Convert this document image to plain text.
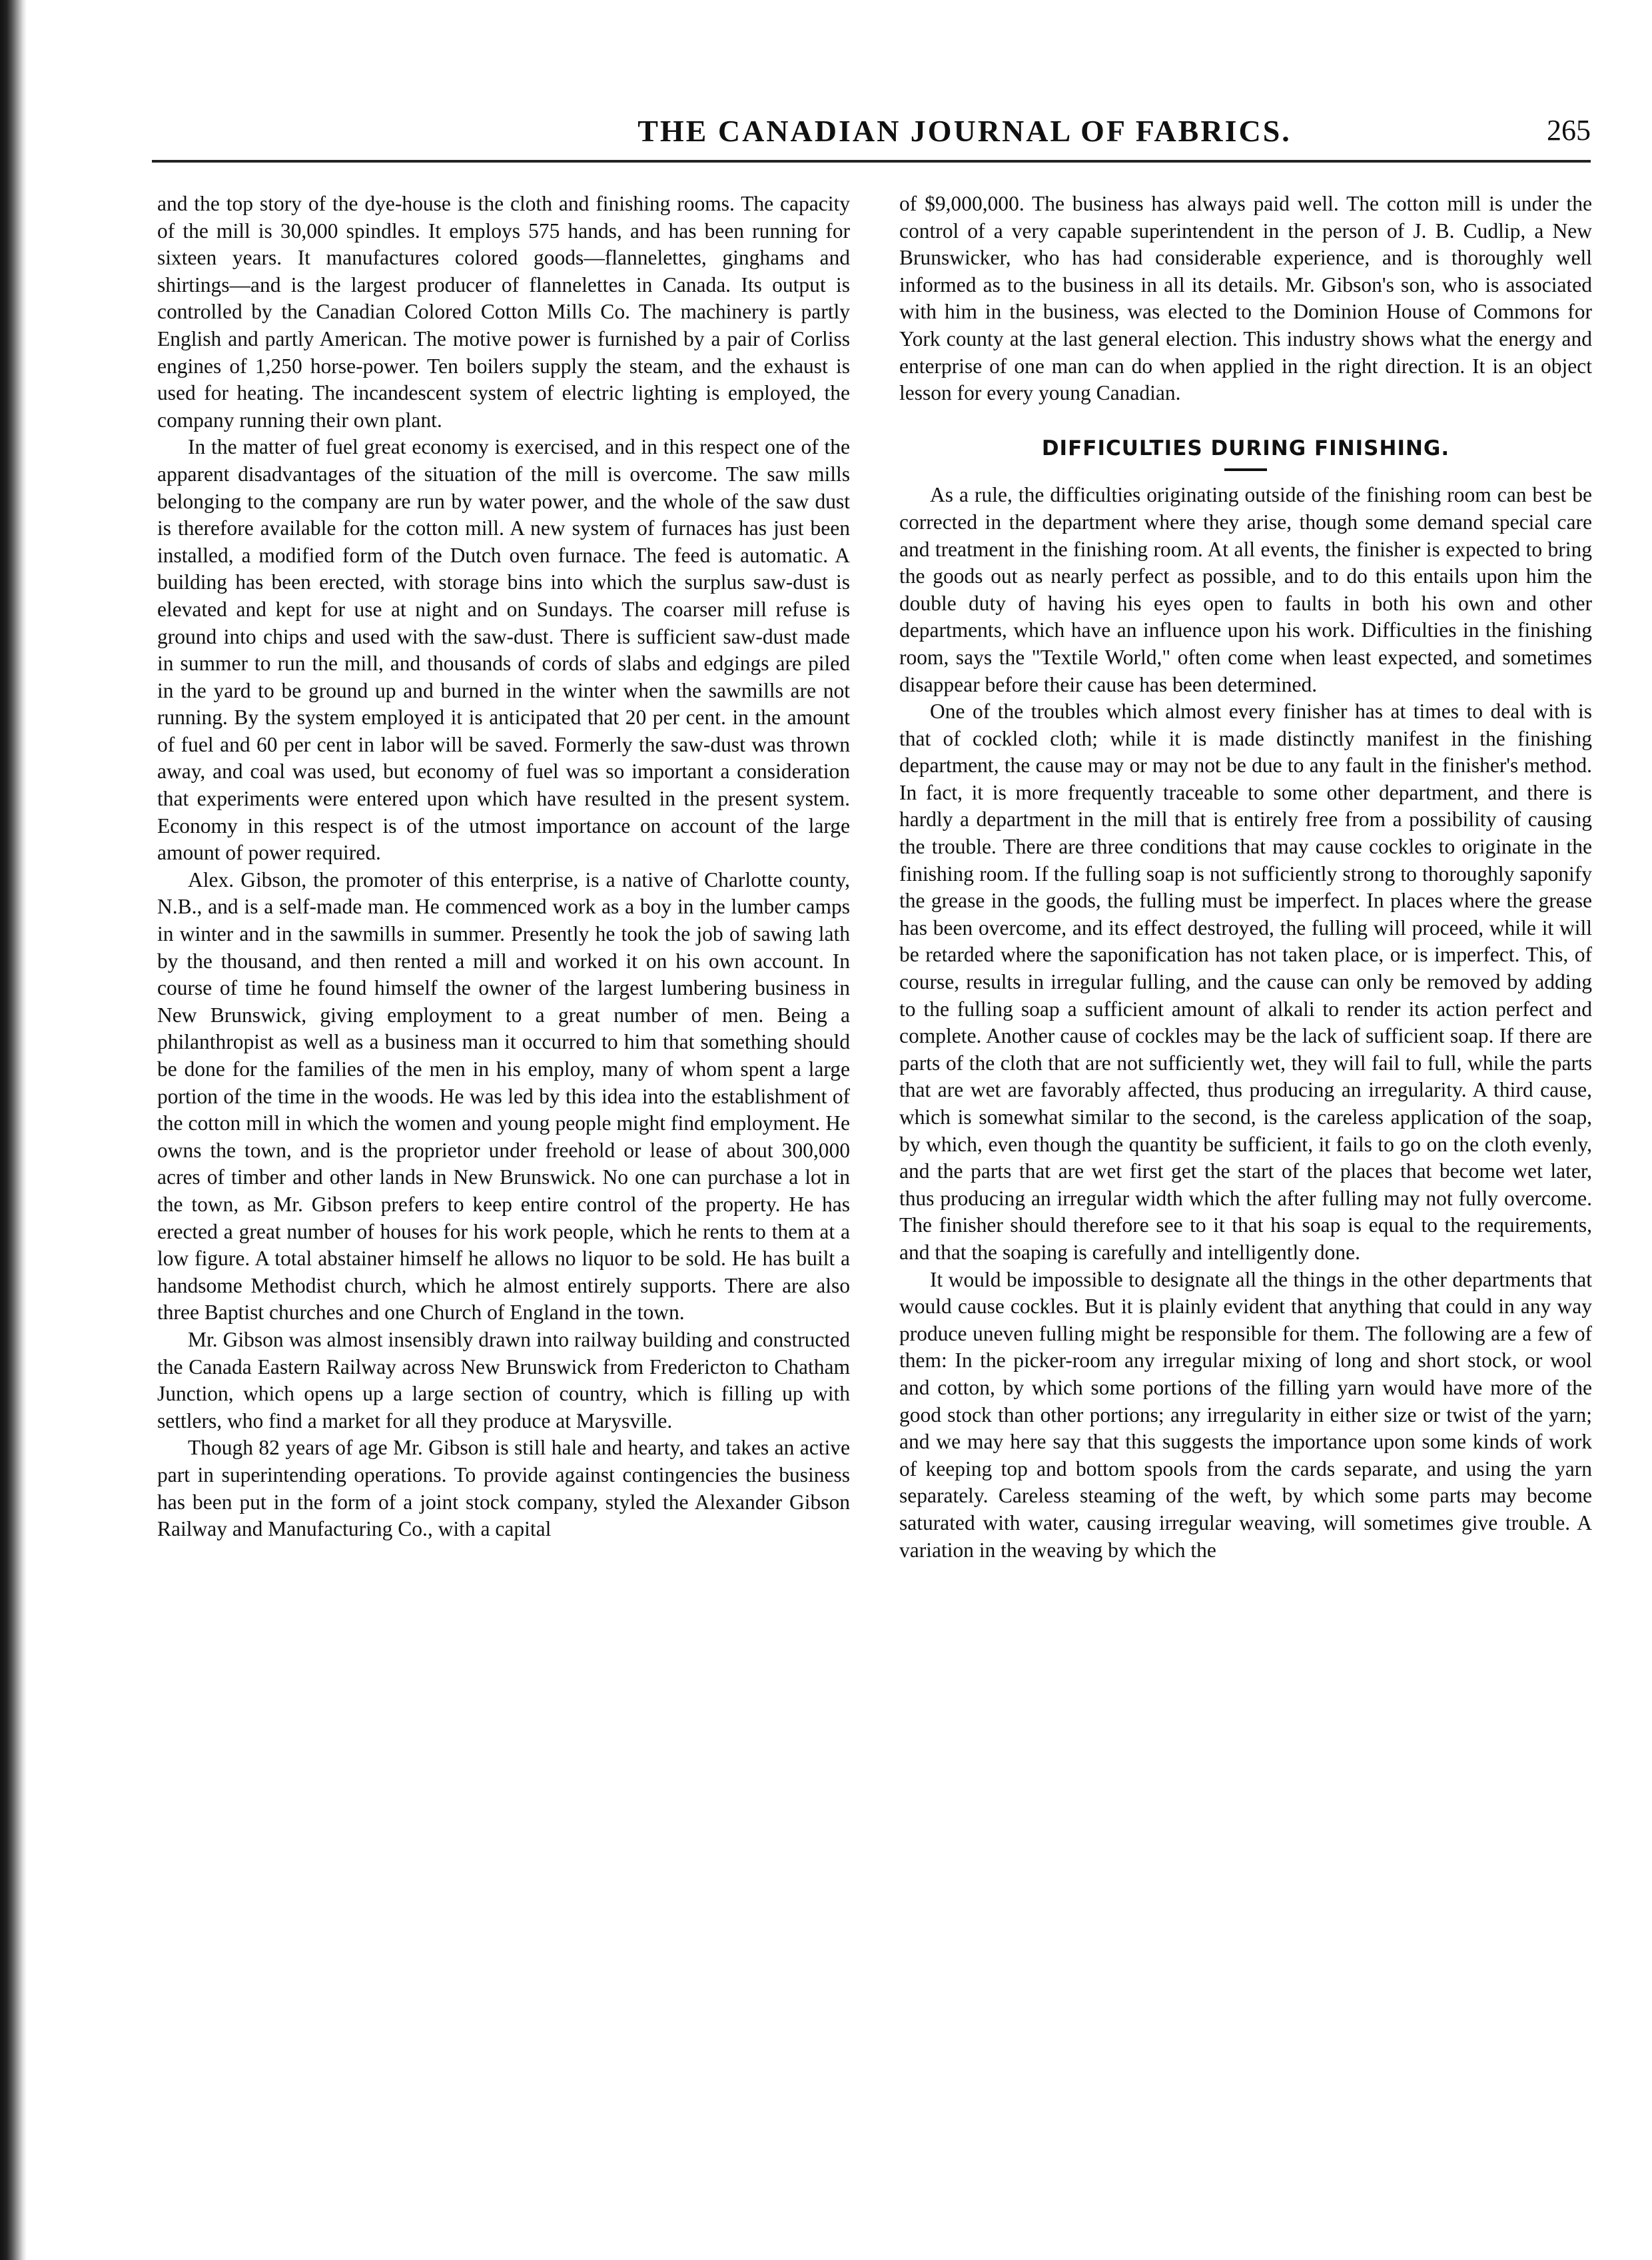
THE CANADIAN JOURNAL OF FABRICS.	265

and the top story of the dye-house is the cloth and finishing rooms. The capacity of the mill is 30,000 spindles. It employs 575 hands, and has been running for sixteen years. It manufactures colored goods—flannelettes, ginghams and shirtings—and is the largest producer of flannelettes in Canada. Its output is controlled by the Canadian Colored Cotton Mills Co. The machinery is partly English and partly American. The motive power is furnished by a pair of Corliss engines of 1,250 horse-power. Ten boilers supply the steam, and the exhaust is used for heating. The incandescent system of electric lighting is employed, the company running their own plant.

In the matter of fuel great economy is exercised, and in this respect one of the apparent disadvantages of the situation of the mill is overcome. The saw mills belonging to the company are run by water power, and the whole of the saw dust is therefore available for the cotton mill. A new system of furnaces has just been installed, a modified form of the Dutch oven furnace. The feed is automatic. A building has been erected, with storage bins into which the surplus saw-dust is elevated and kept for use at night and on Sundays. The coarser mill refuse is ground into chips and used with the saw-dust. There is sufficient saw-dust made in summer to run the mill, and thousands of cords of slabs and edgings are piled in the yard to be ground up and burned in the winter when the sawmills are not running. By the system employed it is anticipated that 20 per cent. in the amount of fuel and 60 per cent in labor will be saved. Formerly the saw-dust was thrown away, and coal was used, but economy of fuel was so important a consideration that experiments were entered upon which have resulted in the present system. Economy in this respect is of the utmost importance on account of the large amount of power required.

Alex. Gibson, the promoter of this enterprise, is a native of Charlotte county, N.B., and is a self-made man. He commenced work as a boy in the lumber camps in winter and in the sawmills in summer. Presently he took the job of sawing lath by the thousand, and then rented a mill and worked it on his own account. In course of time he found himself the owner of the largest lumbering business in New Brunswick, giving employment to a great number of men. Being a philanthropist as well as a business man it occurred to him that something should be done for the families of the men in his employ, many of whom spent a large portion of the time in the woods. He was led by this idea into the establishment of the cotton mill in which the women and young people might find employment. He owns the town, and is the proprietor under freehold or lease of about 300,000 acres of timber and other lands in New Brunswick. No one can purchase a lot in the town, as Mr. Gibson prefers to keep entire control of the property. He has erected a great number of houses for his work people, which he rents to them at a low figure. A total abstainer himself he allows no liquor to be sold. He has built a handsome Methodist church, which he almost entirely supports. There are also three Baptist churches and one Church of England in the town.

Mr. Gibson was almost insensibly drawn into railway building and constructed the Canada Eastern Railway across New Brunswick from Fredericton to Chatham Junction, which opens up a large section of country, which is filling up with settlers, who find a market for all they produce at Marysville.

Though 82 years of age Mr. Gibson is still hale and hearty, and takes an active part in superintending operations. To provide against contingencies the business has been put in the form of a joint stock company, styled the Alexander Gibson Railway and Manufacturing Co., with a capital

of $9,000,000. The business has always paid well. The cotton mill is under the control of a very capable superintendent in the person of J. B. Cudlip, a New Brunswicker, who has had considerable experience, and is thoroughly well informed as to the business in all its details. Mr. Gibson's son, who is associated with him in the business, was elected to the Dominion House of Commons for York county at the last general election. This industry shows what the energy and enterprise of one man can do when applied in the right direction. It is an object lesson for every young Canadian.

DIFFICULTIES DURING FINISHING.

As a rule, the difficulties originating outside of the finishing room can best be corrected in the department where they arise, though some demand special care and treatment in the finishing room. At all events, the finisher is expected to bring the goods out as nearly perfect as possible, and to do this entails upon him the double duty of having his eyes open to faults in both his own and other departments, which have an influence upon his work. Difficulties in the finishing room, says the "Textile World," often come when least expected, and sometimes disappear before their cause has been determined.

One of the troubles which almost every finisher has at times to deal with is that of cockled cloth; while it is made distinctly manifest in the finishing department, the cause may or may not be due to any fault in the finisher's method. In fact, it is more frequently traceable to some other department, and there is hardly a department in the mill that is entirely free from a possibility of causing the trouble. There are three conditions that may cause cockles to originate in the finishing room. If the fulling soap is not sufficiently strong to thoroughly saponify the grease in the goods, the fulling must be imperfect. In places where the grease has been overcome, and its effect destroyed, the fulling will proceed, while it will be retarded where the saponification has not taken place, or is imperfect. This, of course, results in irregular fulling, and the cause can only be removed by adding to the fulling soap a sufficient amount of alkali to render its action perfect and complete. Another cause of cockles may be the lack of sufficient soap. If there are parts of the cloth that are not sufficiently wet, they will fail to full, while the parts that are wet are favorably affected, thus producing an irregularity. A third cause, which is somewhat similar to the second, is the careless application of the soap, by which, even though the quantity be sufficient, it fails to go on the cloth evenly, and the parts that are wet first get the start of the places that become wet later, thus producing an irregular width which the after fulling may not fully overcome. The finisher should therefore see to it that his soap is equal to the requirements, and that the soaping is carefully and intelligently done.

It would be impossible to designate all the things in the other departments that would cause cockles. But it is plainly evident that anything that could in any way produce uneven fulling might be responsible for them. The following are a few of them: In the picker-room any irregular mixing of long and short stock, or wool and cotton, by which some portions of the filling yarn would have more of the good stock than other portions; any irregularity in either size or twist of the yarn; and we may here say that this suggests the importance upon some kinds of work of keeping top and bottom spools from the cards separate, and using the yarn separately. Careless steaming of the weft, by which some parts may become saturated with water, causing irregular weaving, will sometimes give trouble. A variation in the weaving by which the
